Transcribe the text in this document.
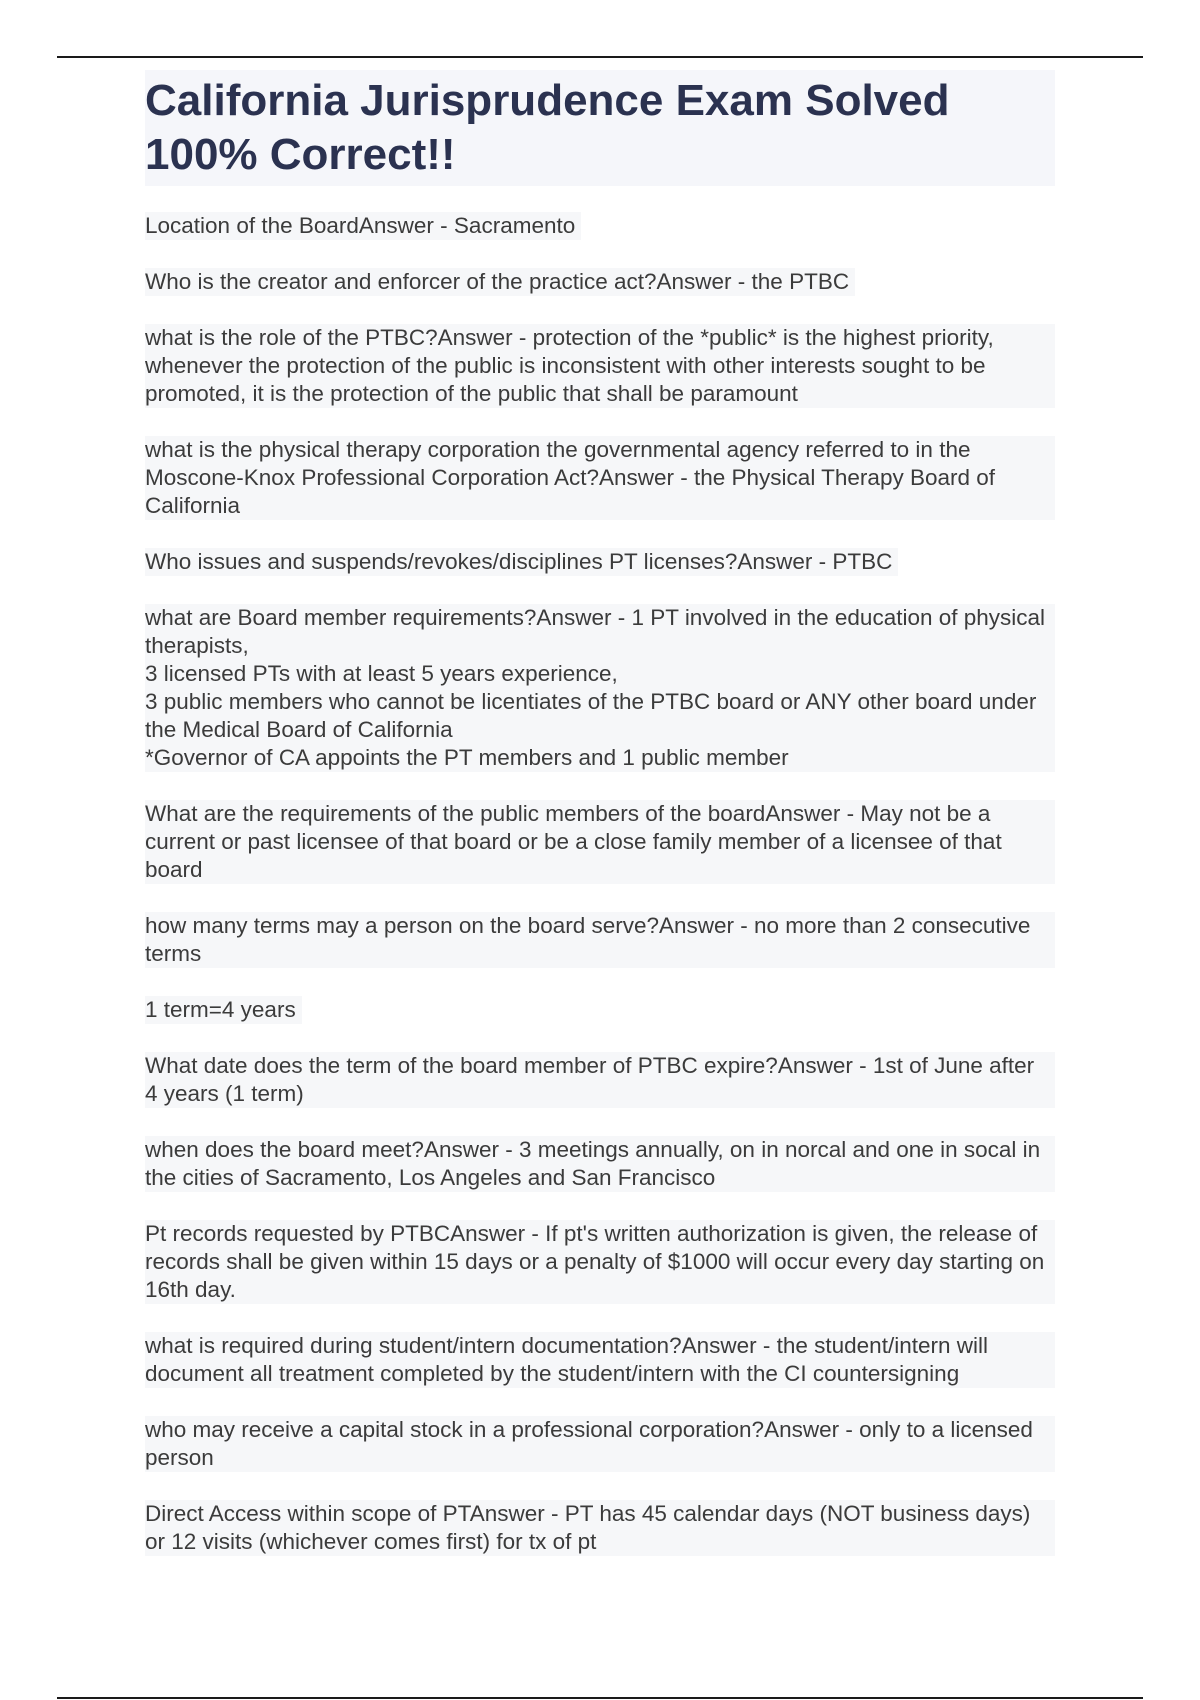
California Jurisprudence Exam Solved 100% Correct!!

Location of the BoardAnswer - Sacramento

Who is the creator and enforcer of the practice act?Answer - the PTBC

what is the role of the PTBC?Answer - protection of the *public* is the highest priority, whenever the protection of the public is inconsistent with other interests sought to be promoted, it is the protection of the public that shall be paramount

what is the physical therapy corporation the governmental agency referred to in the Moscone-Knox Professional Corporation Act?Answer - the Physical Therapy Board of California

Who issues and suspends/revokes/disciplines PT licenses?Answer - PTBC

what are Board member requirements?Answer - 1 PT involved in the education of physical therapists,
3 licensed PTs with at least 5 years experience,
3 public members who cannot be licentiates of the PTBC board or ANY other board under the Medical Board of California
*Governor of CA appoints the PT members and 1 public member

What are the requirements of the public members of the boardAnswer - May not be a current or past licensee of that board or be a close family member of a licensee of that board

how many terms may a person on the board serve?Answer - no more than 2 consecutive terms

1 term=4 years

What date does the term of the board member of PTBC expire?Answer - 1st of June after 4 years (1 term)

when does the board meet?Answer - 3 meetings annually, on in norcal and one in socal in the cities of Sacramento, Los Angeles and San Francisco

Pt records requested by PTBCAnswer - If pt's written authorization is given, the release of records shall be given within 15 days or a penalty of $1000 will occur every day starting on 16th day.

what is required during student/intern documentation?Answer - the student/intern will document all treatment completed by the student/intern with the CI countersigning

who may receive a capital stock in a professional corporation?Answer - only to a licensed person

Direct Access within scope of PTAnswer - PT has 45 calendar days (NOT business days) or 12 visits (whichever comes first) for tx of pt
